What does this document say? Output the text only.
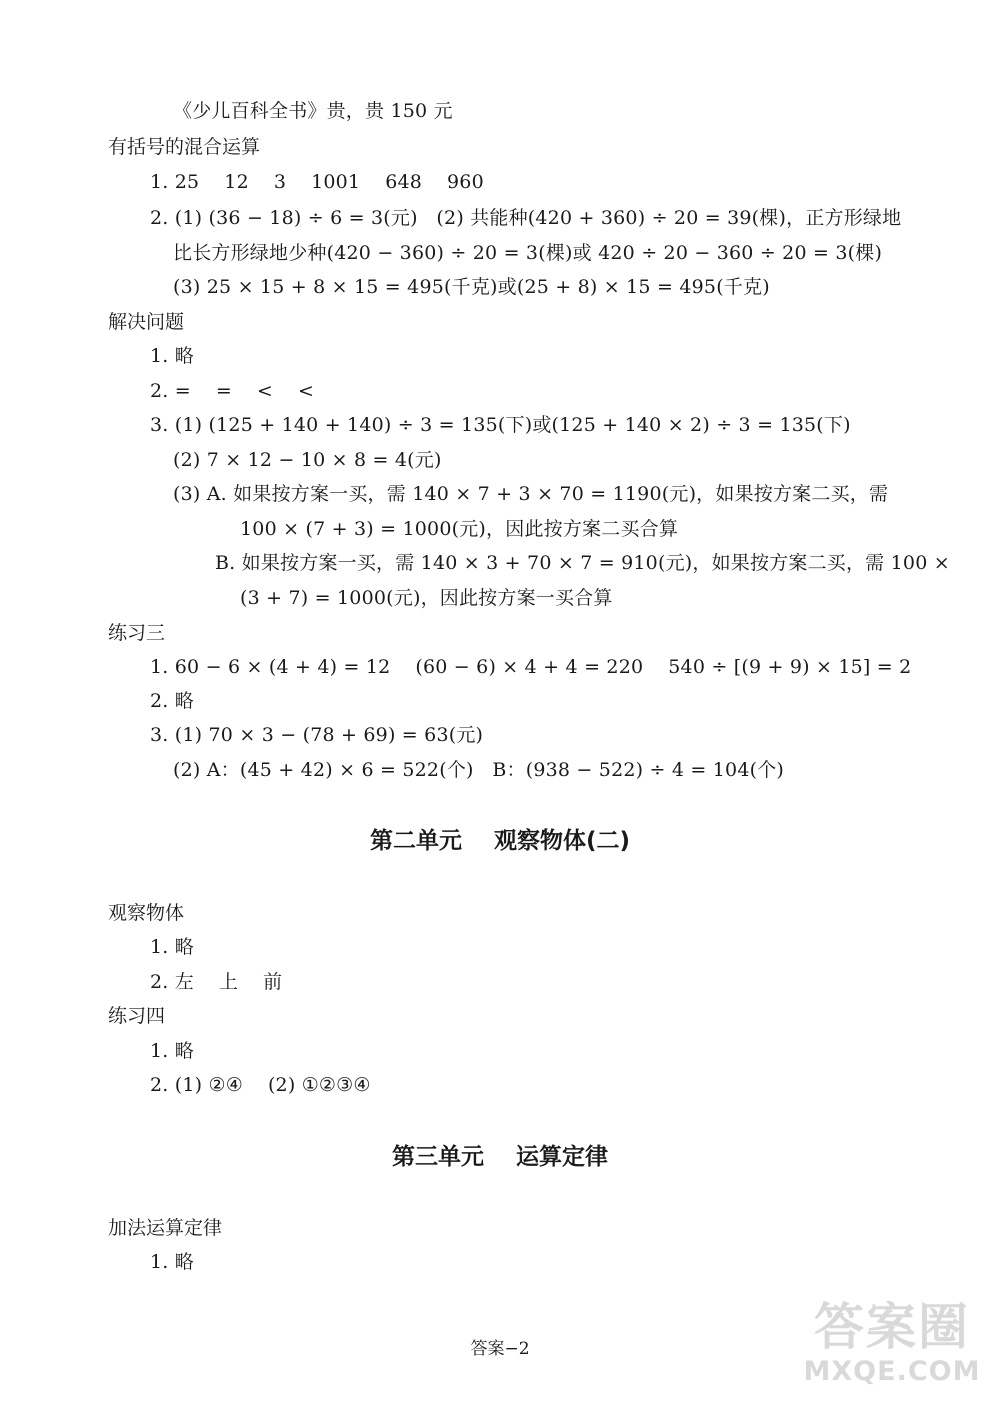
《少儿百科全书》贵，贵 150 元
有括号的混合运算
1. 25    12    3    1001    648    960
2. (1) (36 − 18) ÷ 6 = 3(元)   (2) 共能种(420 + 360) ÷ 20 = 39(棵)，正方形绿地
比长方形绿地少种(420 − 360) ÷ 20 = 3(棵)或 420 ÷ 20 − 360 ÷ 20 = 3(棵)
(3) 25 × 15 + 8 × 15 = 495(千克)或(25 + 8) × 15 = 495(千克)
解决问题
1. 略
2. =    =    <    <
3. (1) (125 + 140 + 140) ÷ 3 = 135(下)或(125 + 140 × 2) ÷ 3 = 135(下)
(2) 7 × 12 − 10 × 8 = 4(元)
(3) A. 如果按方案一买，需 140 × 7 + 3 × 70 = 1190(元)，如果按方案二买，需
100 × (7 + 3) = 1000(元)，因此按方案二买合算
B. 如果按方案一买，需 140 × 3 + 70 × 7 = 910(元)，如果按方案二买，需 100 ×
(3 + 7) = 1000(元)，因此按方案一买合算
练习三
1. 60 − 6 × (4 + 4) = 12    (60 − 6) × 4 + 4 = 220    540 ÷ [(9 + 9) × 15] = 2
2. 略
3. (1) 70 × 3 − (78 + 69) = 63(元)
(2) A：(45 + 42) × 6 = 522(个)   B：(938 − 522) ÷ 4 = 104(个)
第二单元    观察物体(二)
观察物体
1. 略
2. 左    上    前
练习四
1. 略
2. (1) ②④    (2) ①②③④
第三单元    运算定律
加法运算定律
1. 略
答案−2	答案圈
MXQE.COM
